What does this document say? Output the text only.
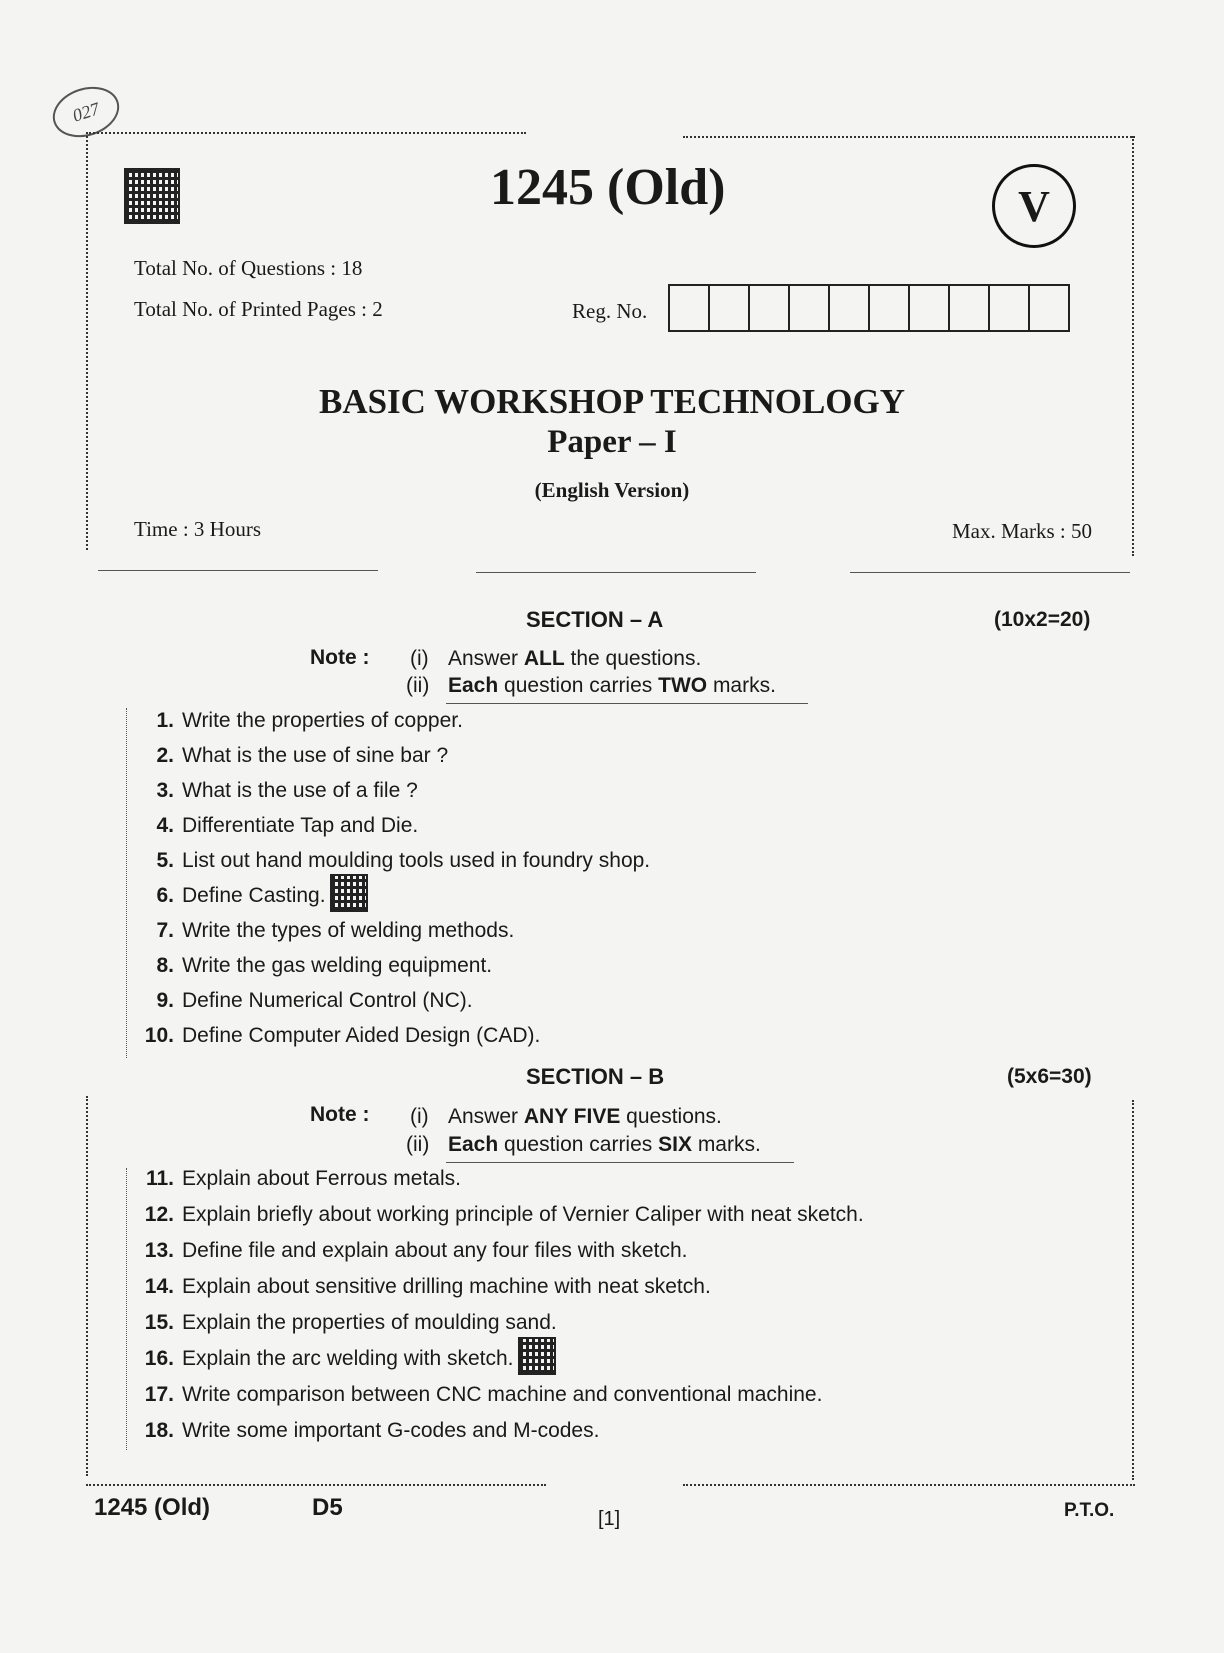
027
1245 (Old)	V
Total No. of Questions : 18
Total No. of Printed Pages : 2	Reg. No.
BASIC WORKSHOP TECHNOLOGY
Paper – I
(English Version)
Time : 3 Hours	Max. Marks : 50
SECTION – A	(10x2=20)
Note : (i) Answer ALL the questions.
(ii) Each question carries TWO marks.
1. Write the properties of copper.
2. What is the use of sine bar ?
3. What is the use of a file ?
4. Differentiate Tap and Die.
5. List out hand moulding tools used in foundry shop.
6. Define Casting.
7. Write the types of welding methods.
8. Write the gas welding equipment.
9. Define Numerical Control (NC).
10. Define Computer Aided Design (CAD).
SECTION – B	(5x6=30)
Note : (i) Answer ANY FIVE questions.
(ii) Each question carries SIX marks.
11. Explain about Ferrous metals.
12. Explain briefly about working principle of Vernier Caliper with neat sketch.
13. Define file and explain about any four files with sketch.
14. Explain about sensitive drilling machine with neat sketch.
15. Explain the properties of moulding sand.
16. Explain the arc welding with sketch.
17. Write comparison between CNC machine and conventional machine.
18. Write some important G-codes and M-codes.
1245 (Old)	D5	[1]	P.T.O.
